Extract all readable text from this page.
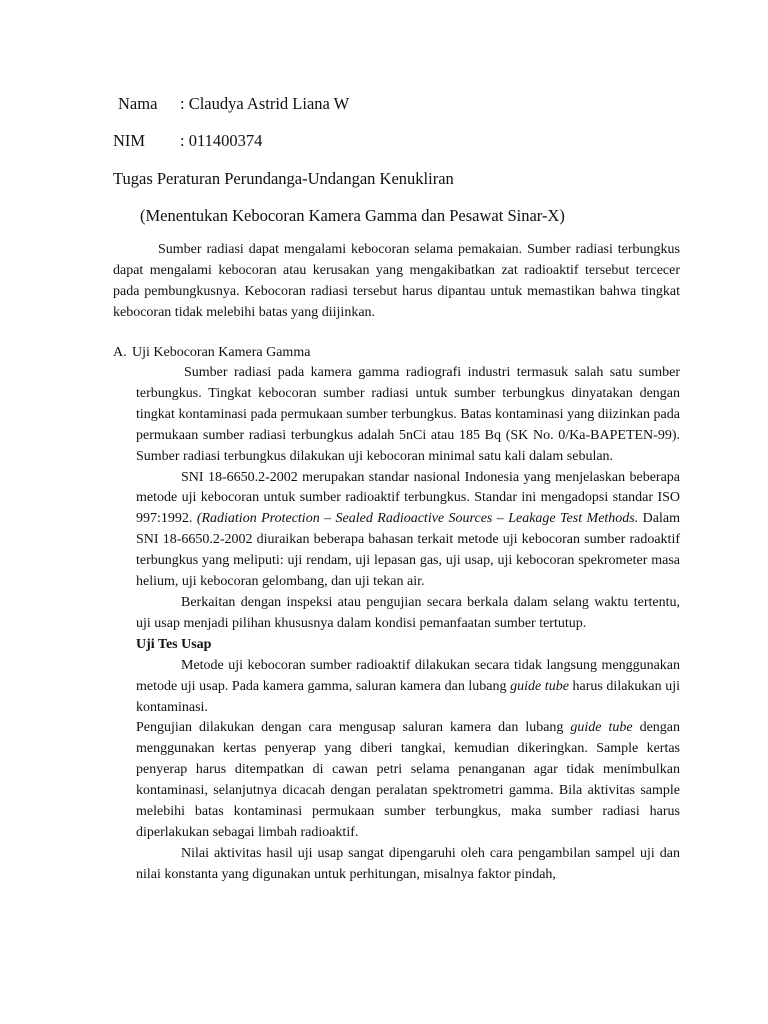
Nama : Claudya Astrid Liana W
NIM : 011400374
Tugas Peraturan Perundanga-Undangan Kenukliran
(Menentukan Kebocoran Kamera Gamma dan Pesawat Sinar-X)

Sumber radiasi dapat mengalami kebocoran selama pemakaian. Sumber radiasi terbungkus dapat mengalami kebocoran atau kerusakan yang mengakibatkan zat radioaktif tersebut tercecer pada pembungkusnya. Kebocoran radiasi tersebut harus dipantau untuk memastikan bahwa tingkat kebocoran tidak melebihi batas yang diijinkan.

A. Uji Kebocoran Kamera Gamma

Sumber radiasi pada kamera gamma radiografi industri termasuk salah satu sumber terbungkus. Tingkat kebocoran sumber radiasi untuk sumber terbungkus dinyatakan dengan tingkat kontaminasi pada permukaan sumber terbungkus. Batas kontaminasi yang diizinkan pada permukaan sumber radiasi terbungkus adalah 5nCi atau 185 Bq (SK No. 0/Ka-BAPETEN-99). Sumber radiasi terbungkus dilakukan uji kebocoran minimal satu kali dalam sebulan.

SNI 18-6650.2-2002 merupakan standar nasional Indonesia yang menjelaskan beberapa metode uji kebocoran untuk sumber radioaktif terbungkus. Standar ini mengadopsi standar ISO 997:1992. (Radiation Protection – Sealed Radioactive Sources – Leakage Test Methods. Dalam SNI 18-6650.2-2002 diuraikan beberapa bahasan terkait metode uji kebocoran sumber radoaktif terbungkus yang meliputi: uji rendam, uji lepasan gas, uji usap, uji kebocoran spekrometer masa helium, uji kebocoran gelombang, dan uji tekan air.

Berkaitan dengan inspeksi atau pengujian secara berkala dalam selang waktu tertentu, uji usap menjadi pilihan khususnya dalam kondisi pemanfaatan sumber tertutup.

Uji Tes Usap

Metode uji kebocoran sumber radioaktif dilakukan secara tidak langsung menggunakan metode uji usap. Pada kamera gamma, saluran kamera dan lubang guide tube harus dilakukan uji kontaminasi.

Pengujian dilakukan dengan cara mengusap saluran kamera dan lubang guide tube dengan menggunakan kertas penyerap yang diberi tangkai, kemudian dikeringkan. Sample kertas penyerap harus ditempatkan di cawan petri selama penanganan agar tidak menimbulkan kontaminasi, selanjutnya dicacah dengan peralatan spektrometri gamma. Bila aktivitas sample melebihi batas kontaminasi permukaan sumber terbungkus, maka sumber radiasi harus diperlakukan sebagai limbah radioaktif.

Nilai aktivitas hasil uji usap sangat dipengaruhi oleh cara pengambilan sampel uji dan nilai konstanta yang digunakan untuk perhitungan, misalnya faktor pindah,
